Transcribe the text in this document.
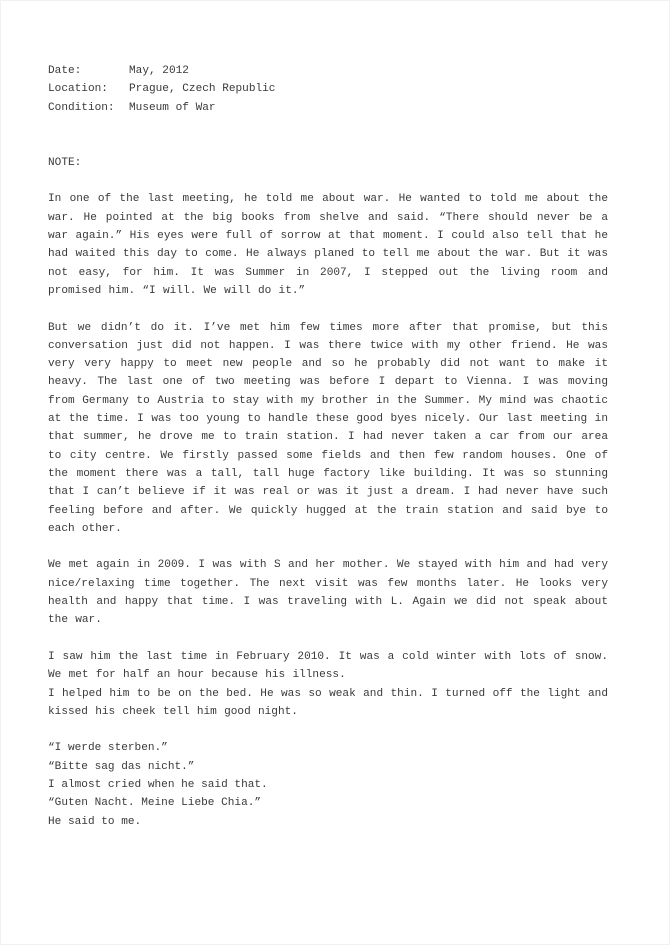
Date:	May, 2012
Location:	Prague, Czech Republic
Condition:	Museum of War
NOTE:

In one of the last meeting, he told me about war. He wanted to told me about the war. He pointed at the big books from shelve and said. “There should never be a war again.” His eyes were full of sorrow at that moment. I could also tell that he had waited this day to come. He always planed to tell me about the war. But it was not easy, for him. It was Summer in 2007, I stepped out the living room and promised him. “I will. We will do it.”

But we didn’t do it. I’ve met him few times more after that promise, but this conversation just did not happen. I was there twice with my other friend. He was very very happy to meet new people and so he probably did not want to make it heavy. The last one of two meeting was before I depart to Vienna. I was moving from Germany to Austria to stay with my brother in the Summer. My mind was chaotic at the time. I was too young to handle these good byes nicely. Our last meeting in that summer, he drove me to train station. I had never taken a car from our area to city centre. We firstly passed some fields and then few random houses. One of the moment there was a tall, tall huge factory like building. It was so stunning that I can’t believe if it was real or was it just a dream. I had never have such feeling before and after. We quickly hugged at the train station and said bye to each other.

We met again in 2009. I was with S and her mother. We stayed with him and had very nice/relaxing time together. The next visit was few months later. He looks very health and happy that time. I was traveling with L. Again we did not speak about the war.

I saw him the last time in February 2010. It was a cold winter with lots of snow. We met for half an hour because his illness.

I helped him to be on the bed. He was so weak and thin. I turned off the light and kissed his cheek tell him good night.

“I werde sterben.”
“Bitte sag das nicht.”
I almost cried when he said that.
“Guten Nacht. Meine Liebe Chia.”
He said to me.
